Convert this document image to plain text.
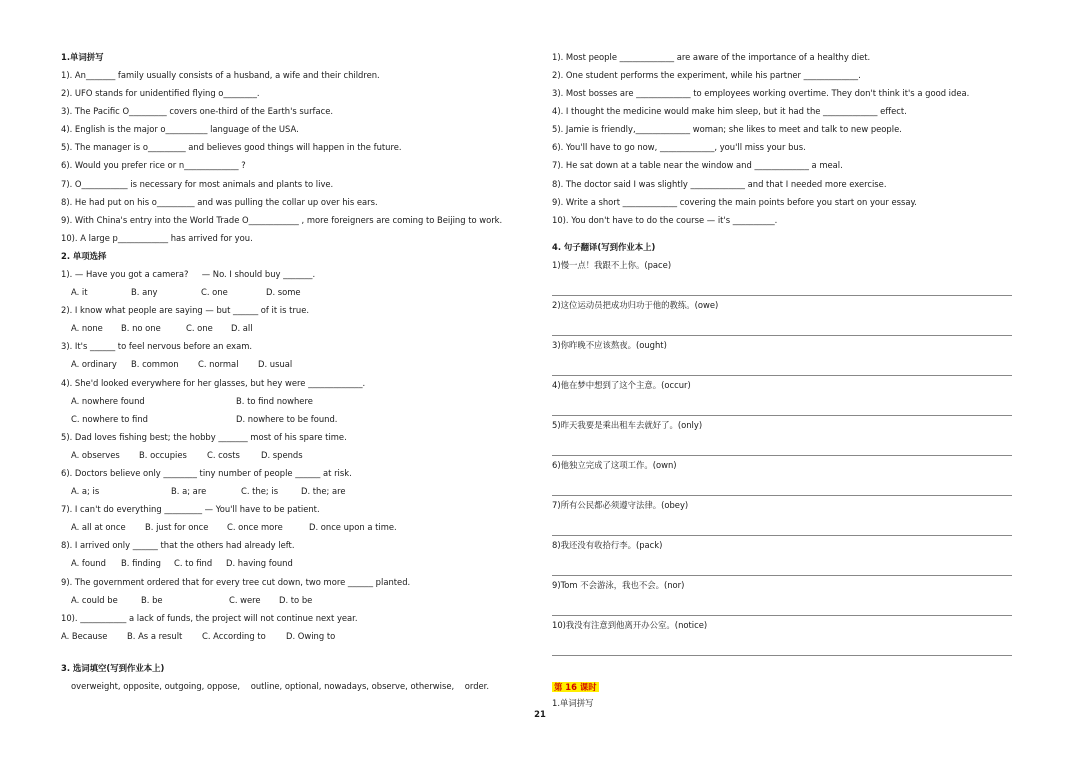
1.单词拼写
1). An_______ family usually consists of a husband, a wife and their children.
2). UFO stands for unidentified flying o________.
3). The Pacific O_________ covers one-third of the Earth's surface.
4). English is the major o__________ language of the USA.
5). The manager is o_________ and believes good things will happen in the future.
6). Would you prefer rice or n_____________ ?
7). O___________ is necessary for most animals and plants to live.
8). He had put on his o_________ and was pulling the collar up over his ears.
9). With China's entry into the World Trade O____________ , more foreigners are coming to Beijing to work.
10). A large p____________ has arrived for you.
2. 单项选择
1). — Have you got a camera?     — No. I should buy _______.
A. it	B. any	C. one	D. some
2). I know what people are saying — but ______ of it is true.
A. none B. no one	C. one D. all
3). It's ______ to feel nervous before an exam.
A. ordinary B. common C. normal D. usual
4). She'd looked everywhere for her glasses, but hey were _____________.
A. nowhere found	B. to find nowhere
C. nowhere to find	D. nowhere to be found.
5). Dad loves fishing best; the hobby _______ most of his spare time.
A. observes B. occupies C. costs	D. spends
6). Doctors believe only ________ tiny number of people ______ at risk.
A. a; is	B. a; are	C. the; is	D. the; are
7). I can't do everything _________ — You'll have to be patient.
A. all at once B. just for once C. once more	D. once upon a time.
8). I arrived only ______ that the others had already left.
A. found B. finding C. to find D. having found
9). The government ordered that for every tree cut down, two more ______ planted.
A. could be	B. be	C. were D. to be
10). ___________ a lack of funds, the project will not continue next year.
A. Because B. As a result C. According to D. Owing to
3. 选词填空(写到作业本上)
overweight, opposite, outgoing, oppose,    outline, optional, nowadays, observe, otherwise,    order.
1). Most people _____________ are aware of the importance of a healthy diet.
2). One student performs the experiment, while his partner _____________.
3). Most bosses are _____________ to employees working overtime. They don't think it's a good idea.
4). I thought the medicine would make him sleep, but it had the _____________ effect.
5). Jamie is friendly,_____________ woman; she likes to meet and talk to new people.
6). You'll have to go now, _____________, you'll miss your bus.
7). He sat down at a table near the window and _____________ a meal.
8). The doctor said I was slightly _____________ and that I needed more exercise.
9). Write a short _____________ covering the main points before you start on your essay.
10). You don't have to do the course — it's __________.
4. 句子翻译(写到作业本上)
1)慢一点！我跟不上你。(pace)
2)这位运动员把成功归功于他的教练。(owe)
3)你昨晚不应该熬夜。(ought)
4)他在梦中想到了这个主意。(occur)
5)昨天我要是乘出租车去就好了。(only)
6)他独立完成了这项工作。(own)
7)所有公民都必须遵守法律。(obey)
8)我还没有收拾行李。(pack)
9)Tom 不会游泳，我也不会。(nor)
10)我没有注意到他离开办公室。(notice)
第 16 课时
1.单词拼写
21
